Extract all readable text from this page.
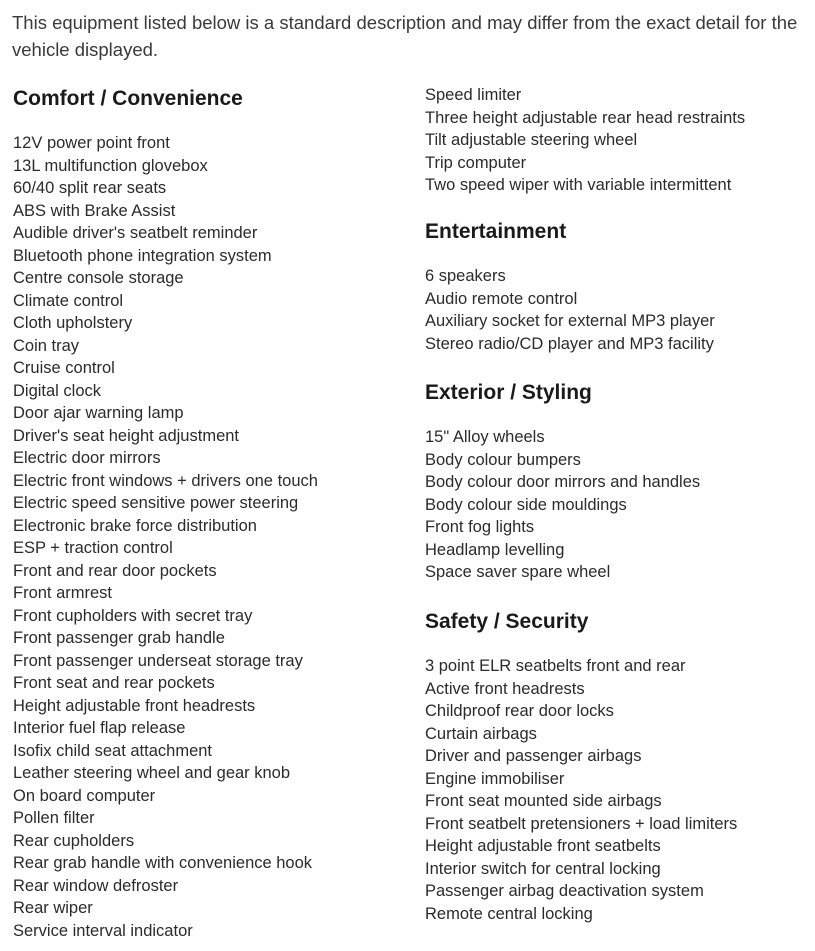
This equipment listed below is a standard description and may differ from the exact detail for the vehicle displayed.

Comfort / Convenience
12V power point front
13L multifunction glovebox
60/40 split rear seats
ABS with Brake Assist
Audible driver's seatbelt reminder
Bluetooth phone integration system
Centre console storage
Climate control
Cloth upholstery
Coin tray
Cruise control
Digital clock
Door ajar warning lamp
Driver's seat height adjustment
Electric door mirrors
Electric front windows + drivers one touch
Electric speed sensitive power steering
Electronic brake force distribution
ESP + traction control
Front and rear door pockets
Front armrest
Front cupholders with secret tray
Front passenger grab handle
Front passenger underseat storage tray
Front seat and rear pockets
Height adjustable front headrests
Interior fuel flap release
Isofix child seat attachment
Leather steering wheel and gear knob
On board computer
Pollen filter
Rear cupholders
Rear grab handle with convenience hook
Rear window defroster
Rear wiper
Service interval indicator
Speed limiter
Three height adjustable rear head restraints
Tilt adjustable steering wheel
Trip computer
Two speed wiper with variable intermittent
Entertainment
6 speakers
Audio remote control
Auxiliary socket for external MP3 player
Stereo radio/CD player and MP3 facility
Exterior / Styling
15" Alloy wheels
Body colour bumpers
Body colour door mirrors and handles
Body colour side mouldings
Front fog lights
Headlamp levelling
Space saver spare wheel
Safety / Security
3 point ELR seatbelts front and rear
Active front headrests
Childproof rear door locks
Curtain airbags
Driver and passenger airbags
Engine immobiliser
Front seat mounted side airbags
Front seatbelt pretensioners + load limiters
Height adjustable front seatbelts
Interior switch for central locking
Passenger airbag deactivation system
Remote central locking
